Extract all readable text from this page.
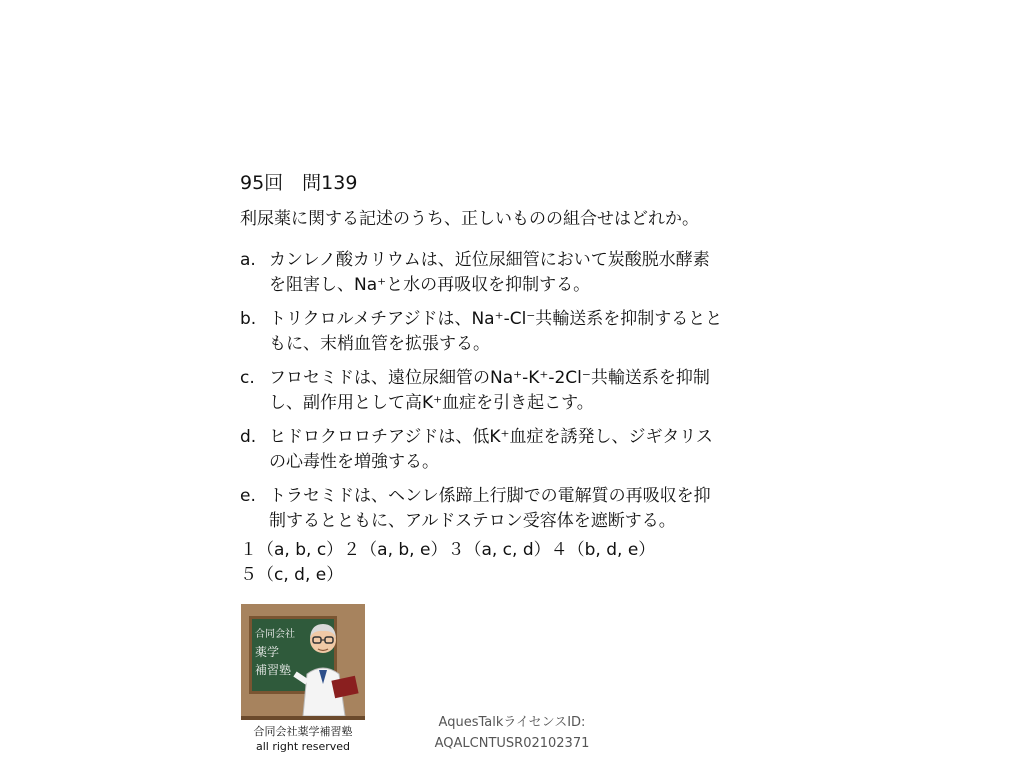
95回　問139
利尿薬に関する記述のうち、正しいものの組合せはどれか。
a. カンレノ酸カリウムは、近位尿細管において炭酸脱水酵素
を阻害し、Na⁺と水の再吸収を抑制する。
b. トリクロルメチアジドは、Na⁺-Cl⁻共輸送系を抑制するとと
もに、末梢血管を拡張する。
c. フロセミドは、遠位尿細管のNa⁺-K⁺-2Cl⁻共輸送系を抑制
し、副作用として高K⁺血症を引き起こす。
d. ヒドロクロロチアジドは、低K⁺血症を誘発し、ジギタリス
の心毒性を増強する。
e. トラセミドは、ヘンレ係蹄上行脚での電解質の再吸収を抑
制するとともに、アルドステロン受容体を遮断する。
１（a, b, c）２（a, b, e）３（a, c, d）４（b, d, e）
５（c, d, e）
合同会社
薬学
補習塾
合同会社薬学補習塾
all right reserved
AquesTalkライセンスID:
AQALCNTUSR02102371
